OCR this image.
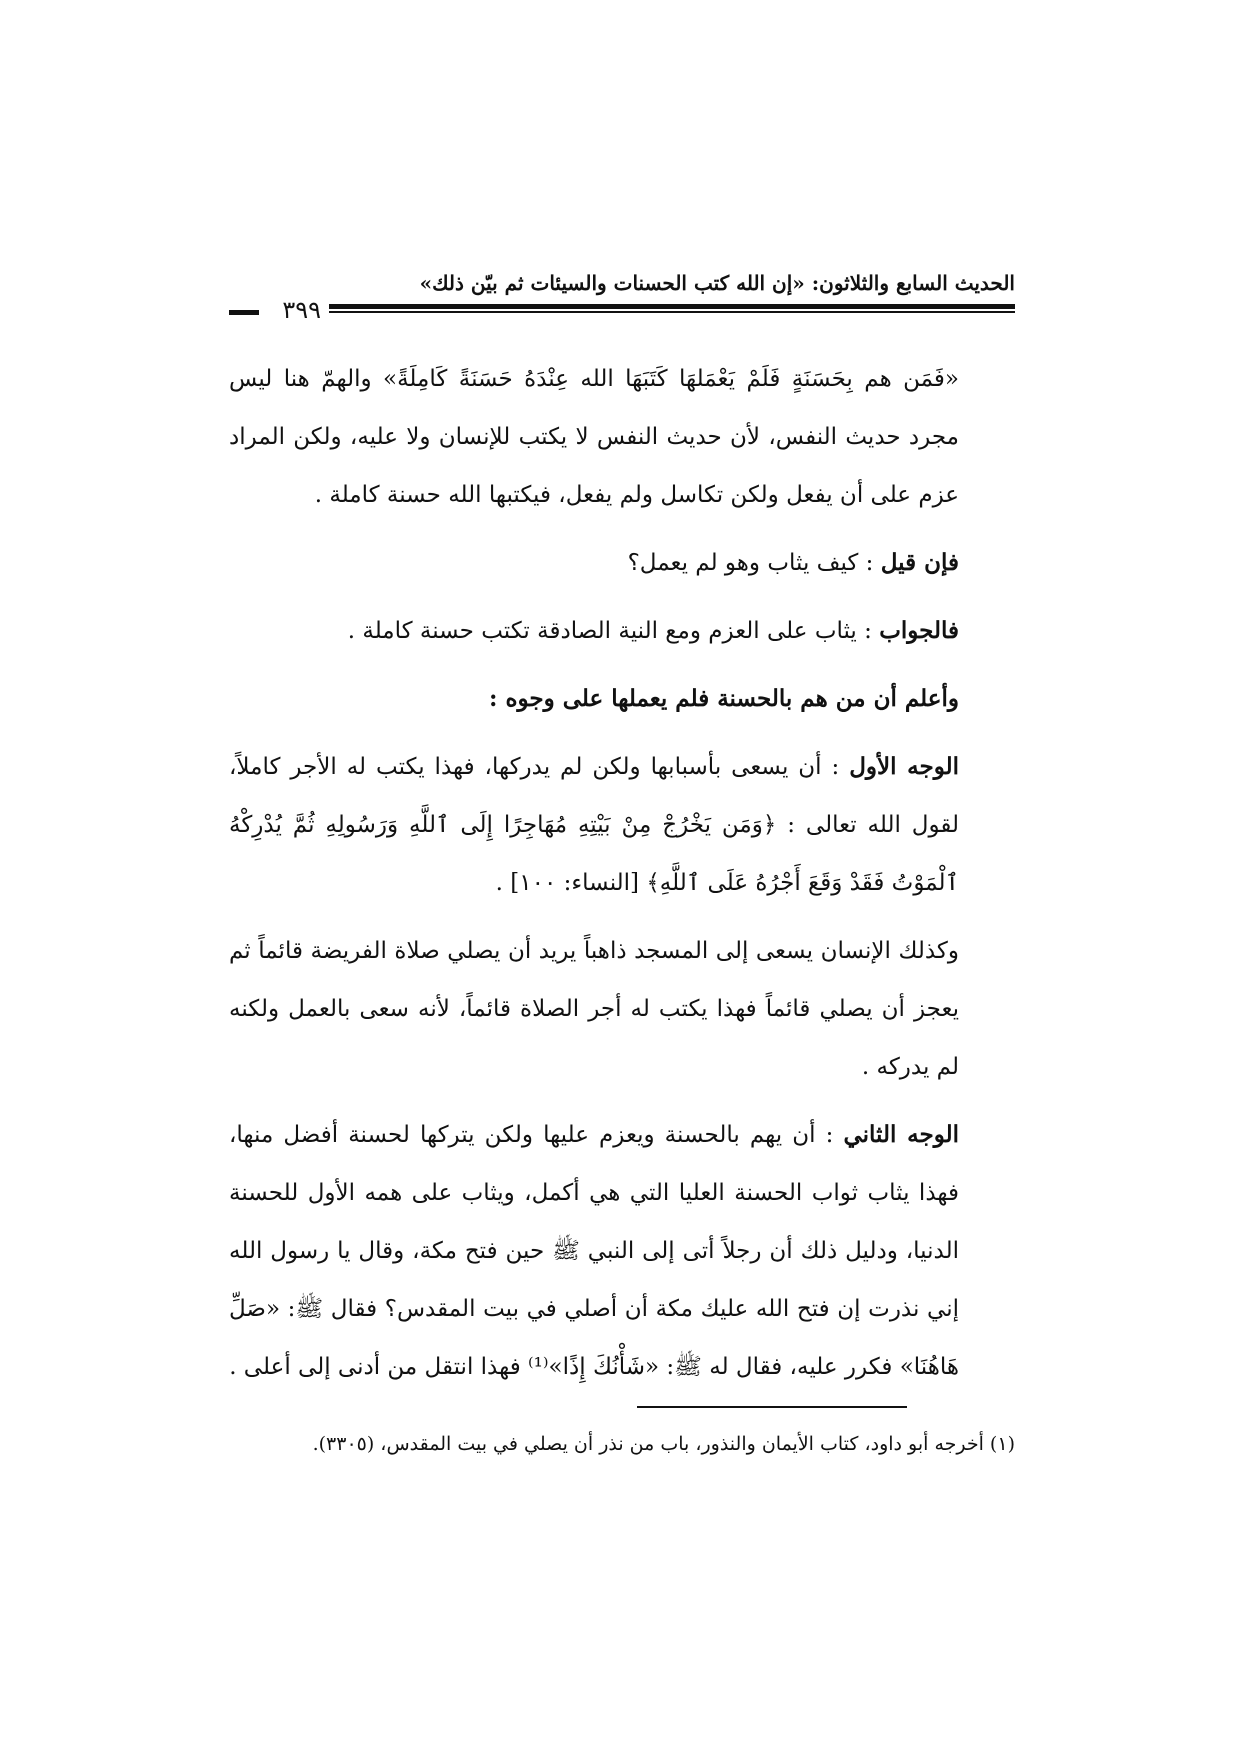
الحديث السابع والثلاثون: «إن الله كتب الحسنات والسيئات ثم بيّن ذلك»
٣٩٩

«فَمَن هم بِحَسَنَةٍ فَلَمْ يَعْمَلهَا كَتَبَهَا الله عِنْدَهُ حَسَنَةً كَامِلَةً» والهمّ هنا ليس مجرد حديث النفس، لأن حديث النفس لا يكتب للإنسان ولا عليه، ولكن المراد عزم على أن يفعل ولكن تكاسل ولم يفعل، فيكتبها الله حسنة كاملة .

فإن قيل : كيف يثاب وهو لم يعمل؟

فالجواب : يثاب على العزم ومع النية الصادقة تكتب حسنة كاملة .

وأعلم أن من هم بالحسنة فلم يعملها على وجوه :

الوجه الأول : أن يسعى بأسبابها ولكن لم يدركها، فهذا يكتب له الأجر كاملاً، لقول الله تعالى : ﴿وَمَن يَخْرُجْ مِنْ بَيْتِهِ مُهَاجِرًا إِلَى ٱللَّهِ وَرَسُولِهِ ثُمَّ يُدْرِكْهُ ٱلْمَوْتُ فَقَدْ وَقَعَ أَجْرُهُ عَلَى ٱللَّهِ﴾ [النساء: ١٠٠] .

وكذلك الإنسان يسعى إلى المسجد ذاهباً يريد أن يصلي صلاة الفريضة قائماً ثم يعجز أن يصلي قائماً فهذا يكتب له أجر الصلاة قائماً، لأنه سعى بالعمل ولكنه لم يدركه .

الوجه الثاني : أن يهم بالحسنة ويعزم عليها ولكن يتركها لحسنة أفضل منها، فهذا يثاب ثواب الحسنة العليا التي هي أكمل، ويثاب على همه الأول للحسنة الدنيا، ودليل ذلك أن رجلاً أتى إلى النبي ﷺ حين فتح مكة، وقال يا رسول الله إني نذرت إن فتح الله عليك مكة أن أصلي في بيت المقدس؟ فقال ﷺ: «صَلِّ هَاهُنَا» فكرر عليه، فقال له ﷺ: «شَأْنُكَ إِذًا»⁽¹⁾ فهذا انتقل من أدنى إلى أعلى .

(١) أخرجه أبو داود، كتاب الأيمان والنذور، باب من نذر أن يصلي في بيت المقدس، (٣٣٠٥).
